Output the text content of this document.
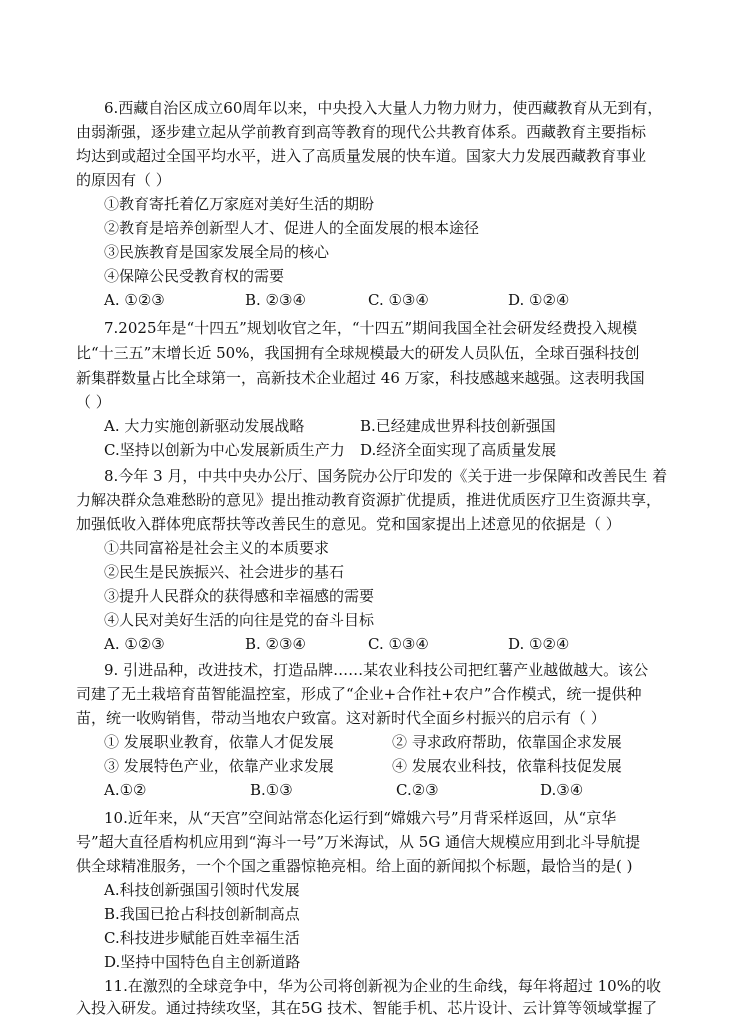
6.西藏自治区成立60周年以来，中央投入大量人力物力财力，使西藏教育从无到有，
由弱渐强，逐步建立起从学前教育到高等教育的现代公共教育体系。西藏教育主要指标
均达到或超过全国平均水平，进入了高质量发展的快车道。国家大力发展西藏教育事业
的原因有（ ）
①教育寄托着亿万家庭对美好生活的期盼
②教育是培养创新型人才、促进人的全面发展的根本途径
③民族教育是国家发展全局的核心
④保障公民受教育权的需要
A. ①②③	B. ②③④	C. ①③④	D. ①②④
7.2025年是“十四五”规划收官之年，“十四五”期间我国全社会研发经费投入规模
比“十三五”末增长近 50%，我国拥有全球规模最大的研发人员队伍，全球百强科技创
新集群数量占比全球第一，高新技术企业超过 46 万家，科技感越来越强。这表明我国
（ ）
A. 大力实施创新驱动发展战略	B.已经建成世界科技创新强国
C.坚持以创新为中心发展新质生产力 D.经济全面实现了高质量发展
8.今年 3 月，中共中央办公厅、国务院办公厅印发的《关于进一步保障和改善民生 着
力解决群众急难愁盼的意见》提出推动教育资源扩优提质，推进优质医疗卫生资源共享，
加强低收入群体兜底帮扶等改善民生的意见。党和国家提出上述意见的依据是（ ）
①共同富裕是社会主义的本质要求
②民生是民族振兴、社会进步的基石
③提升人民群众的获得感和幸福感的需要
④人民对美好生活的向往是党的奋斗目标
A. ①②③	B. ②③④	C. ①③④	D. ①②④
9. 引进品种，改进技术，打造品牌……某农业科技公司把红薯产业越做越大。该公
司建了无土栽培育苗智能温控室，形成了“企业+合作社+农户”合作模式，统一提供种
苗，统一收购销售，带动当地农户致富。这对新时代全面乡村振兴的启示有（ ）
① 发展职业教育，依靠人才促发展	② 寻求政府帮助，依靠国企求发展
③ 发展特色产业，依靠产业求发展	④ 发展农业科技，依靠科技促发展
A.①②	B.①③	C.②③	D.③④
10.近年来，从“天宫”空间站常态化运行到“嫦娥六号”月背采样返回，从“京华
号”超大直径盾构机应用到“海斗一号”万米海试，从 5G 通信大规模应用到北斗导航提
供全球精准服务，一个个国之重器惊艳亮相。给上面的新闻拟个标题，最恰当的是( )
A.科技创新强国引领时代发展
B.我国已抢占科技创新制高点
C.科技进步赋能百姓幸福生活
D.坚持中国特色自主创新道路
11.在激烈的全球竞争中，华为公司将创新视为企业的生命线，每年将超过 10%的收
入投入研发。通过持续攻坚，其在5G 技术、智能手机、芯片设计、云计算等领域掌握了
